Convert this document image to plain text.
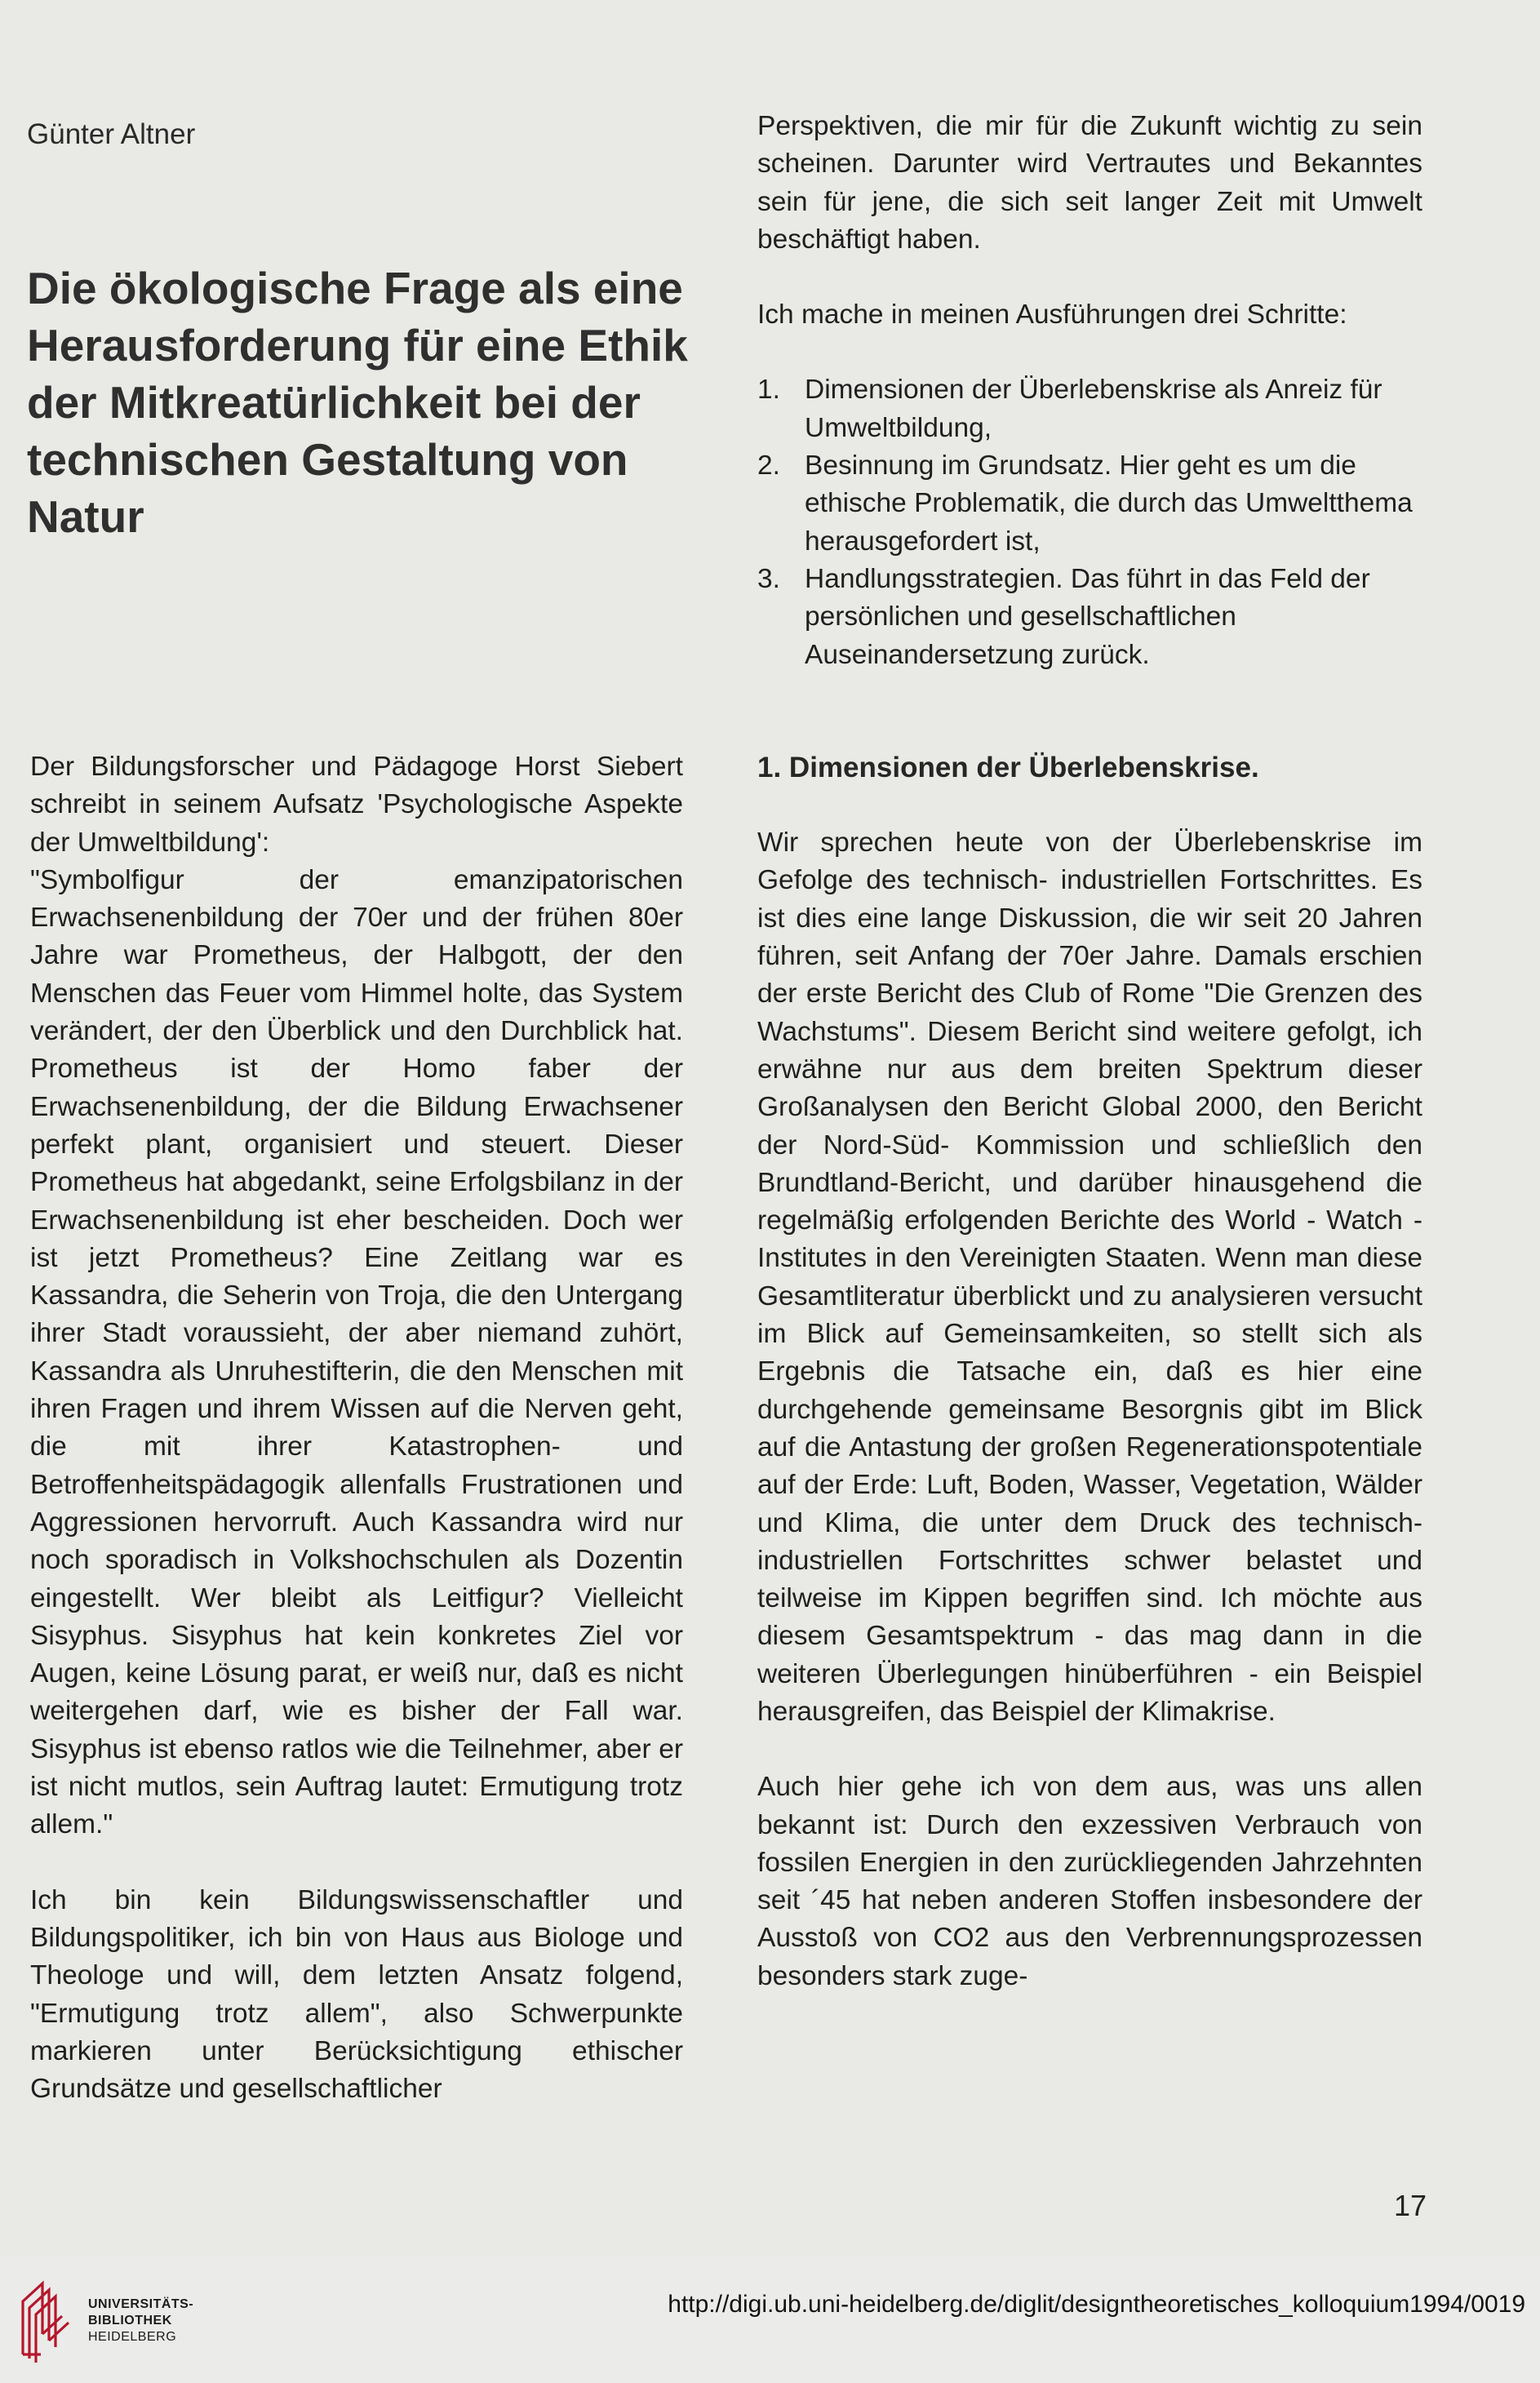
Günter Altner
Die ökologische Frage als eine Herausforderung für eine Ethik der Mitkreatürlichkeit bei der technischen Gestaltung von Natur

Der Bildungsforscher und Pädagoge Horst Siebert schreibt in seinem Aufsatz 'Psychologische Aspekte der Umweltbildung':

"Symbolfigur der emanzipatorischen Erwachsenenbildung der 70er und der frühen 80er Jahre war Prometheus, der Halbgott, der den Menschen das Feuer vom Himmel holte, das System verändert, der den Überblick und den Durchblick hat. Prometheus ist der Homo faber der Erwachsenenbildung, der die Bildung Erwachsener perfekt plant, organisiert und steuert. Dieser Prometheus hat abgedankt, seine Erfolgsbilanz in der Erwachsenenbildung ist eher bescheiden. Doch wer ist jetzt Prometheus? Eine Zeitlang war es Kassandra, die Seherin von Troja, die den Untergang ihrer Stadt voraussieht, der aber niemand zuhört, Kassandra als Unruhestifterin, die den Menschen mit ihren Fragen und ihrem Wissen auf die Nerven geht, die mit ihrer Katastrophen- und Betroffenheitspädagogik allenfalls Frustrationen und Aggressionen hervorruft. Auch Kassandra wird nur noch sporadisch in Volkshochschulen als Dozentin eingestellt. Wer bleibt als Leitfigur? Vielleicht Sisyphus. Sisyphus hat kein konkretes Ziel vor Augen, keine Lösung parat, er weiß nur, daß es nicht weitergehen darf, wie es bisher der Fall war. Sisyphus ist ebenso ratlos wie die Teilnehmer, aber er ist nicht mutlos, sein Auftrag lautet: Ermutigung trotz allem."

Ich bin kein Bildungswissenschaftler und Bildungspolitiker, ich bin von Haus aus Biologe und Theologe und will, dem letzten Ansatz folgend, "Ermutigung trotz allem", also Schwerpunkte markieren unter Berücksichtigung ethischer Grundsätze und gesellschaftlicher

Perspektiven, die mir für die Zukunft wichtig zu sein scheinen. Darunter wird Vertrautes und Bekanntes sein für jene, die sich seit langer Zeit mit Umwelt beschäftigt haben.

Ich mache in meinen Ausführungen drei Schritte:

1. Dimensionen der Überlebenskrise als Anreiz für Umweltbildung,
2. Besinnung im Grundsatz. Hier geht es um die ethische Problematik, die durch das Umweltthema herausgefordert ist,
3. Handlungsstrategien. Das führt in das Feld der persönlichen und gesellschaftlichen Auseinandersetzung zurück.

1. Dimensionen der Überlebenskrise.

Wir sprechen heute von der Überlebenskrise im Gefolge des technisch- industriellen Fortschrittes. Es ist dies eine lange Diskussion, die wir seit 20 Jahren führen, seit Anfang der 70er Jahre. Damals erschien der erste Bericht des Club of Rome "Die Grenzen des Wachstums". Diesem Bericht sind weitere gefolgt, ich erwähne nur aus dem breiten Spektrum dieser Großanalysen den Bericht Global 2000, den Bericht der Nord-Süd- Kommission und schließlich den Brundtland-Bericht, und darüber hinausgehend die regelmäßig erfolgenden Berichte des World - Watch - Institutes in den Vereinigten Staaten. Wenn man diese Gesamtliteratur überblickt und zu analysieren versucht im Blick auf Gemeinsamkeiten, so stellt sich als Ergebnis die Tatsache ein, daß es hier eine durchgehende gemeinsame Besorgnis gibt im Blick auf die Antastung der großen Regenerationspotentiale auf der Erde: Luft, Boden, Wasser, Vegetation, Wälder und Klima, die unter dem Druck des technisch-industriellen Fortschrittes schwer belastet und teilweise im Kippen begriffen sind. Ich möchte aus diesem Gesamtspektrum - das mag dann in die weiteren Überlegungen hinüberführen - ein Beispiel herausgreifen, das Beispiel der Klimakrise.

Auch hier gehe ich von dem aus, was uns allen bekannt ist: Durch den exzessiven Verbrauch von fossilen Energien in den zurückliegenden Jahrzehnten seit ´45 hat neben anderen Stoffen insbesondere der Ausstoß von CO2 aus den Verbrennungsprozessen besonders stark zuge-

17
UNIVERSITÄTS-
BIBLIOTHEK
HEIDELBERG
http://digi.ub.uni-heidelberg.de/diglit/designtheoretisches_kolloquium1994/0019
